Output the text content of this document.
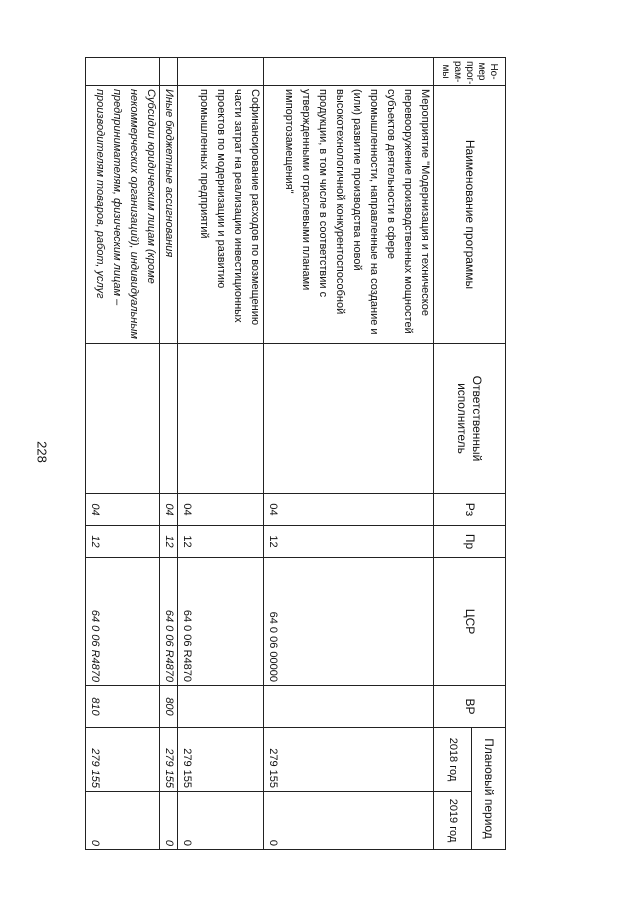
228
Но-мер прог-рам-мы	Наименование программы	Ответственный исполнитель	Рз	Пр	ЦСР	ВР	Плановый период	
							2018 год	2019 год
	Мероприятие "Модернизация и техническое перевооружение производственных мощностей субъектов деятельности в сфере промышленности, направленные на создание и (или) развитие производства новой высокотехнологичной конкурентоспособной продукции, в том числе в соответствии с утвержденными отраслевыми планами импортозамещения"		04	12	64 0 06 00000		279 155	0
	Софинансирование расходов по возмещению части затрат на реализацию инвестиционных проектов по модернизации и развитию промышленных предприятий		04	12	64 0 06 R4870		279 155	0
	Иные бюджетные ассигнования		04	12	64 0 06 R4870	800	279 155	0
	Субсидии юридическим лицам (кроме некоммерческих организаций), индивидуальным предпринимателям, физическим лицам – производителям товаров, работ, услуг		04	12	64 0 06 R4870	810	279 155	0
